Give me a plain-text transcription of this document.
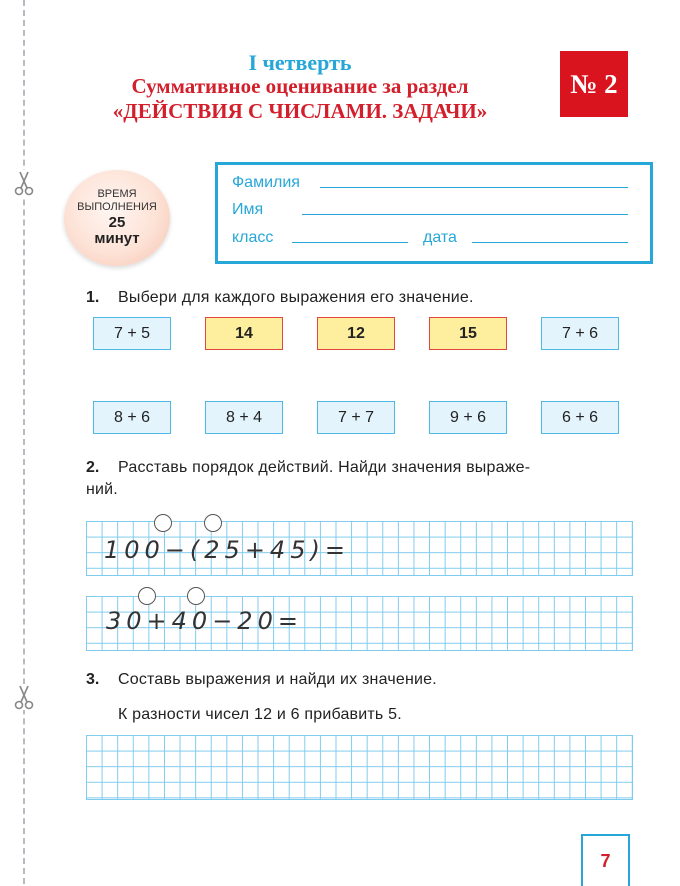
I четверть
Суммативное оценивание за раздел
«ДЕЙСТВИЯ С ЧИСЛАМИ. ЗАДАЧИ»
№ 2
ВРЕМЯ
ВЫПОЛНЕНИЯ
25
минут
Фамилия
Имя
класс	дата
1. Выбери для каждого выражения его значение.
7 + 5	14	12	15	7 + 6
8 + 6	8 + 4	7 + 7	9 + 6	6 + 6
2. Расставь порядок действий. Найди значения выраже-
ний.
100−(25+45)=
30+40−20=
3. Составь выражения и найди их значение.
К разности чисел 12 и 6 прибавить 5.
7
